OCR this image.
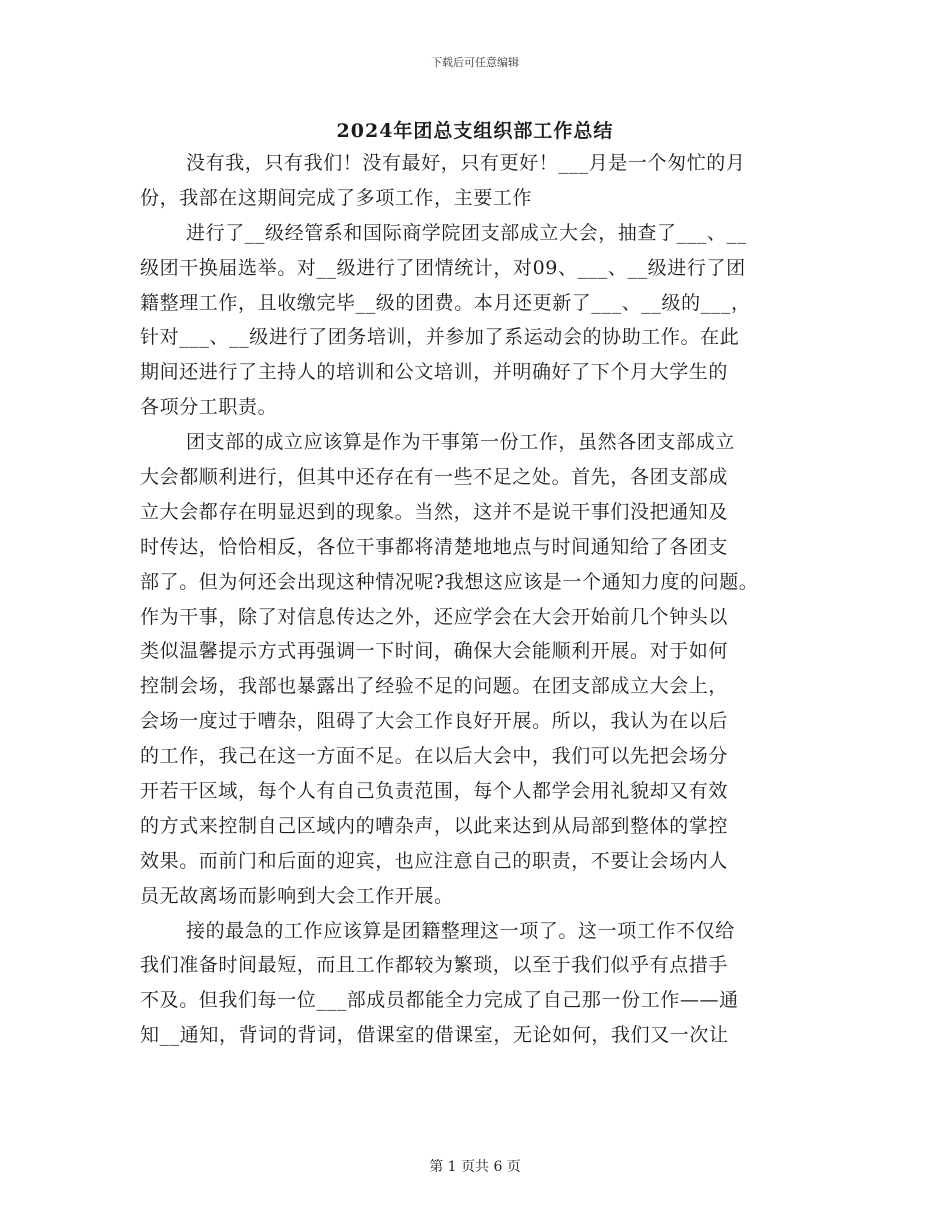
下载后可任意编辑
2024年团总支组织部工作总结
没有我，只有我们！没有最好，只有更好！___月是一个匆忙的月
份，我部在这期间完成了多项工作，主要工作
进行了__级经管系和国际商学院团支部成立大会，抽查了___、__
级团干换届选举。对__级进行了团情统计，对09、___、__级进行了团
籍整理工作，且收缴完毕__级的团费。本月还更新了___、__级的___，
针对___、__级进行了团务培训，并参加了系运动会的协助工作。在此
期间还进行了主持人的培训和公文培训，并明确好了下个月大学生的
各项分工职责。
团支部的成立应该算是作为干事第一份工作，虽然各团支部成立
大会都顺利进行，但其中还存在有一些不足之处。首先，各团支部成
立大会都存在明显迟到的现象。当然，这并不是说干事们没把通知及
时传达，恰恰相反，各位干事都将清楚地地点与时间通知给了各团支
部了。但为何还会出现这种情况呢?我想这应该是一个通知力度的问题。
作为干事，除了对信息传达之外，还应学会在大会开始前几个钟头以
类似温馨提示方式再强调一下时间，确保大会能顺利开展。对于如何
控制会场，我部也暴露出了经验不足的问题。在团支部成立大会上，
会场一度过于嘈杂，阻碍了大会工作良好开展。所以，我认为在以后
的工作，我己在这一方面不足。在以后大会中，我们可以先把会场分
开若干区域，每个人有自己负责范围，每个人都学会用礼貌却又有效
的方式来控制自己区域内的嘈杂声，以此来达到从局部到整体的掌控
效果。而前门和后面的迎宾，也应注意自己的职责，不要让会场内人
员无故离场而影响到大会工作开展。
接的最急的工作应该算是团籍整理这一项了。这一项工作不仅给
我们准备时间最短，而且工作都较为繁琐，以至于我们似乎有点措手
不及。但我们每一位___部成员都能全力完成了自己那一份工作——通
知__通知，背词的背词，借课室的借课室，无论如何，我们又一次让
第 1 页共 6 页
